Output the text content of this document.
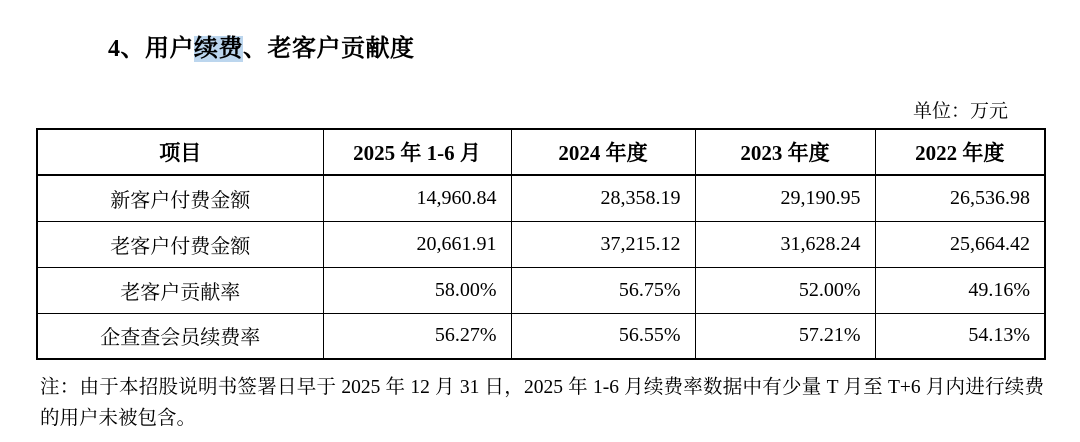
4、用户续费、老客户贡献度
单位：万元
项目	2025 年 1-6 月	2024 年度	2023 年度	2022 年度
新客户付费金额	14,960.84	28,358.19	29,190.95	26,536.98
老客户付费金额	20,661.91	37,215.12	31,628.24	25,664.42
老客户贡献率	58.00%	56.75%	52.00%	49.16%
企查查会员续费率	56.27%	56.55%	57.21%	54.13%
注：由于本招股说明书签署日早于 2025 年 12 月 31 日，2025 年 1-6 月续费率数据中有少量 T 月至 T+6 月内进行续费的用户未被包含。
